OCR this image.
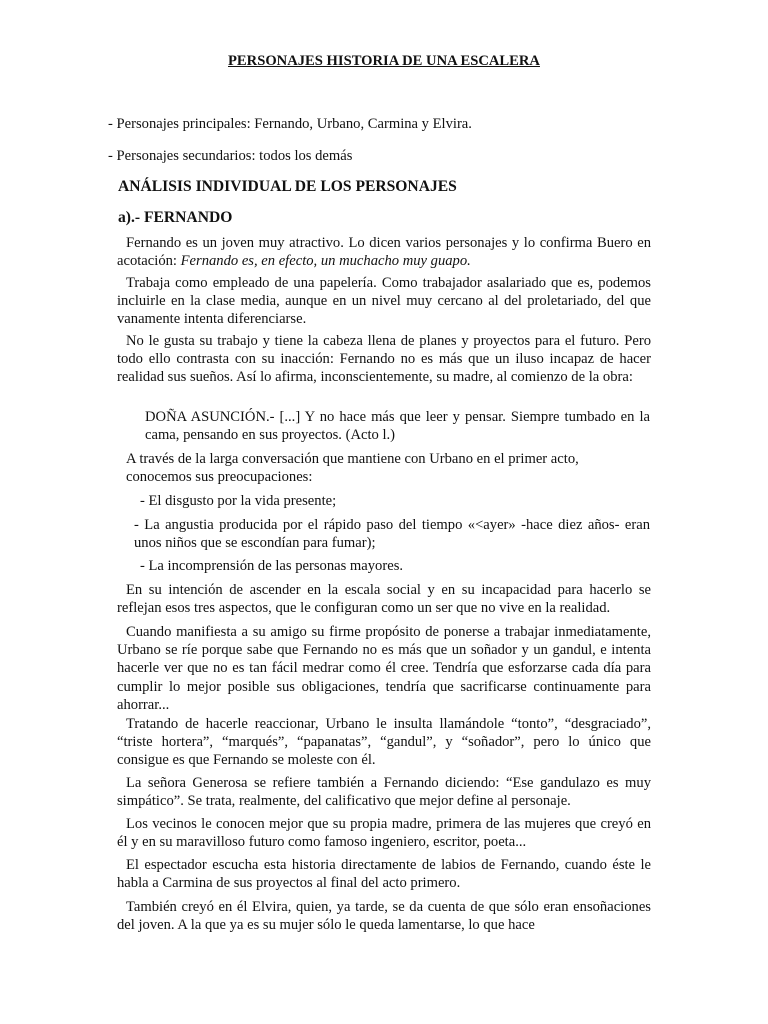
PERSONAJES HISTORIA DE UNA ESCALERA
- Personajes principales: Fernando, Urbano, Carmina y Elvira.
- Personajes secundarios: todos los demás
ANÁLISIS INDIVIDUAL DE LOS PERSONAJES
a).- FERNANDO
Fernando es un joven muy atractivo. Lo dicen varios personajes y lo confirma Buero en acotación: Fernando es, en efecto, un muchacho muy guapo.
Trabaja como empleado de una papelería. Como trabajador asalariado que es, podemos incluirle en la clase media, aunque en un nivel muy cercano al del proletariado, del que vanamente intenta diferenciarse.
No le gusta su trabajo y tiene la cabeza llena de planes y proyectos para el futuro. Pero todo ello contrasta con su inacción: Fernando no es más que un iluso incapaz de hacer realidad sus sueños. Así lo afirma, inconscientemente, su madre, al comienzo de la obra:
DOÑA ASUNCIÓN.- [...] Y no hace más que leer y pensar. Siempre tumbado en la cama, pensando en sus proyectos. (Acto l.)
A través de la larga conversación que mantiene con Urbano en el primer acto, conocemos sus preocupaciones:
- El disgusto por la vida presente;
- La angustia producida por el rápido paso del tiempo «<ayer» -hace diez años- eran unos niños que se escondían para fumar);
- La incomprensión de las personas mayores.
En su intención de ascender en la escala social y en su incapacidad para hacerlo se reflejan esos tres aspectos, que le configuran como un ser que no vive en la realidad.
Cuando manifiesta a su amigo su firme propósito de ponerse a trabajar inmediatamente, Urbano se ríe porque sabe que Fernando no es más que un soñador y un gandul, e intenta hacerle ver que no es tan fácil medrar como él cree. Tendría que esforzarse cada día para cumplir lo mejor posible sus obligaciones, tendría que sacrificarse continuamente para ahorrar...
Tratando de hacerle reaccionar, Urbano le insulta llamándole “tonto”, “desgraciado”, “triste hortera”, “marqués”, “papanatas”, “gandul”, y “soñador”, pero lo único que consigue es que Fernando se moleste con él.
La señora Generosa se refiere también a Fernando diciendo: “Ese gandulazo es muy simpático”. Se trata, realmente, del calificativo que mejor define al personaje.
Los vecinos le conocen mejor que su propia madre, primera de las mujeres que creyó en él y en su maravilloso futuro como famoso ingeniero, escritor, poeta...
El espectador escucha esta historia directamente de labios de Fernando, cuando éste le habla a Carmina de sus proyectos al final del acto primero.
También creyó en él Elvira, quien, ya tarde, se da cuenta de que sólo eran ensoñaciones del joven. A la que ya es su mujer sólo le queda lamentarse, lo que hace
